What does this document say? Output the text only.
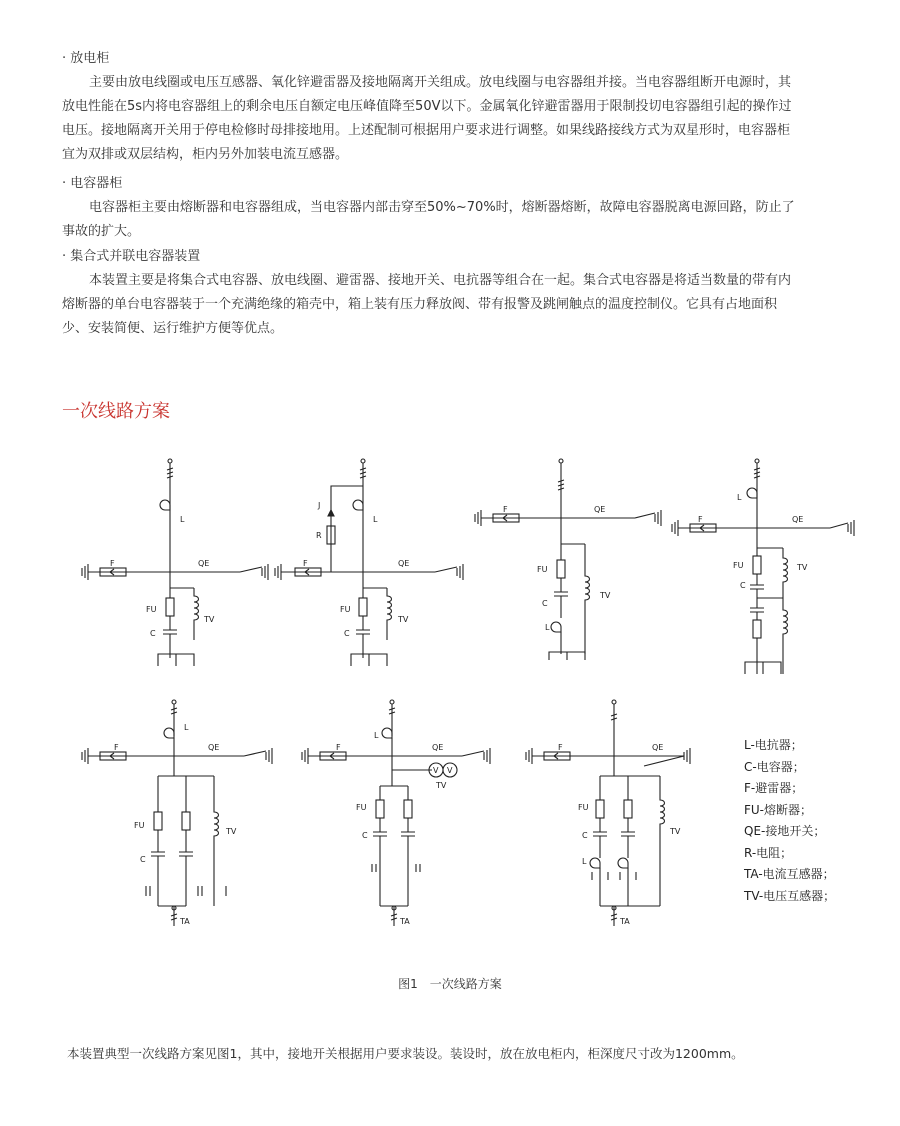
· 放电柜

主要由放电线圈或电压互感器、氧化锌避雷器及接地隔离开关组成。放电线圈与电容器组并接。当电容器组断开电源时，其

放电性能在5s内将电容器组上的剩余电压自额定电压峰值降至50V以下。金属氧化锌避雷器用于限制投切电容器组引起的操作过

电压。接地隔离开关用于停电检修时母排接地用。上述配制可根据用户要求进行调整。如果线路接线方式为双星形时，电容器柜

宜为双排或双层结构，柜内另外加装电流互感器。

· 电容器柜

电容器柜主要由熔断器和电容器组成，当电容器内部击穿至50%~70%时，熔断器熔断，故障电容器脱离电源回路，防止了

事故的扩大。

· 集合式并联电容器装置

本装置主要是将集合式电容器、放电线圈、避雷器、接地开关、电抗器等组合在一起。集合式电容器是将适当数量的带有内

熔断器的单台电容器装于一个充满绝缘的箱壳中，箱上装有压力释放阀、带有报警及跳闸触点的温度控制仪。它具有占地面积

少、安装简便、运行维护方便等优点。

一次线路方案
L
F	QE
FU
C
TV
J
L
R
F	QE
FU
C
TV
F	QE
FU
C
L
TV
L
F	QE
FU
C
TV
L
F	QE
FU
C
TV
TA
L
F	QE
V V
TV
FU
C
TA
F	QE
FU
C
L
TV
TA
L-电抗器；
C-电容器；
F-避雷器；
FU-熔断器；
QE-接地开关；
R-电阻；
TA-电流互感器；
TV-电压互感器；
图1　一次线路方案
本装置典型一次线路方案见图1，其中，接地开关根据用户要求装设。装设时，放在放电柜内，柜深度尺寸改为1200mm。
